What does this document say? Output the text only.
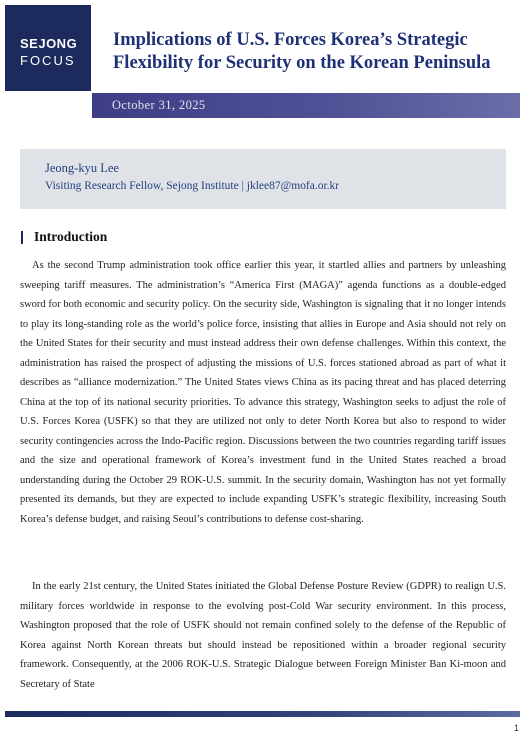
SEJONG
FOCUS
Implications of U.S. Forces Korea’s Strategic
Flexibility for Security on the Korean Peninsula
October 31, 2025
Jeong-kyu Lee
Visiting Research Fellow, Sejong Institute | jklee87@mofa.or.kr
Introduction

As the second Trump administration took office earlier this year, it startled allies and partners by unleashing sweeping tariff measures. The administration’s “America First (MAGA)” agenda functions as a double-edged sword for both economic and security policy. On the security side, Washington is signaling that it no longer intends to play its long-standing role as the world’s police force, insisting that allies in Europe and Asia should not rely on the United States for their security and must instead address their own defense challenges. Within this context, the administration has raised the prospect of adjusting the missions of U.S. forces stationed abroad as part of what it describes as “alliance modernization.” The United States views China as its pacing threat and has placed deterring China at the top of its national security priorities. To advance this strategy, Washington seeks to adjust the role of U.S. Forces Korea (USFK) so that they are utilized not only to deter North Korea but also to respond to wider security contingencies across the Indo-Pacific region. Discussions between the two countries regarding tariff issues and the size and operational framework of Korea’s investment fund in the United States reached a broad understanding during the October 29 ROK-U.S. summit. In the security domain, Washington has not yet formally presented its demands, but they are expected to include expanding USFK’s strategic flexibility, increasing South Korea’s defense budget, and raising Seoul’s contributions to defense cost-sharing.

In the early 21st century, the United States initiated the Global Defense Posture Review (GDPR) to realign U.S. military forces worldwide in response to the evolving post-Cold War security environment. In this process, Washington proposed that the role of USFK should not remain confined solely to the defense of the Republic of Korea against North Korean threats but should instead be repositioned within a broader regional security framework. Consequently, at the 2006 ROK-U.S. Strategic Dialogue between Foreign Minister Ban Ki-moon and Secretary of State

1
